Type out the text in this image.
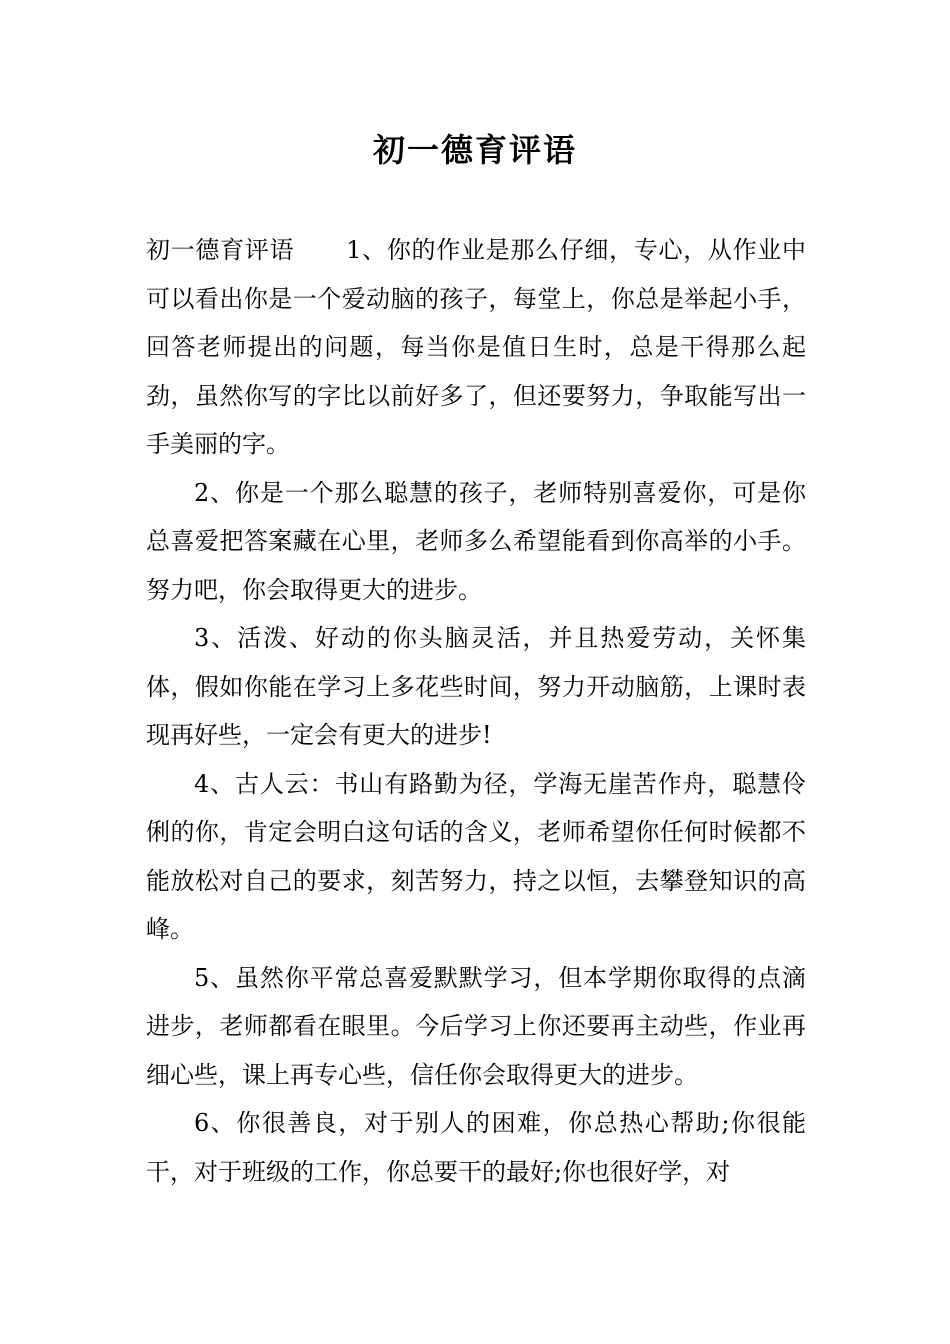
初一德育评语

初一德育评语 1、你的作业是那么仔细，专心，从作业中可以看出你是一个爱动脑的孩子，每堂上，你总是举起小手，回答老师提出的问题，每当你是值日生时，总是干得那么起劲，虽然你写的字比以前好多了，但还要努力，争取能写出一手美丽的字。

2、你是一个那么聪慧的孩子，老师特别喜爱你，可是你总喜爱把答案藏在心里，老师多么希望能看到你高举的小手。努力吧，你会取得更大的进步。

3、活泼、好动的你头脑灵活，并且热爱劳动，关怀集体，假如你能在学习上多花些时间，努力开动脑筋，上课时表现再好些，一定会有更大的进步!

4、古人云：书山有路勤为径，学海无崖苦作舟，聪慧伶俐的你，肯定会明白这句话的含义，老师希望你任何时候都不能放松对自己的要求，刻苦努力，持之以恒，去攀登知识的高峰。

5、虽然你平常总喜爱默默学习，但本学期你取得的点滴进步，老师都看在眼里。今后学习上你还要再主动些，作业再细心些，课上再专心些，信任你会取得更大的进步。

6、你很善良，对于别人的困难，你总热心帮助;你很能干，对于班级的工作，你总要干的最好;你也很好学，对
